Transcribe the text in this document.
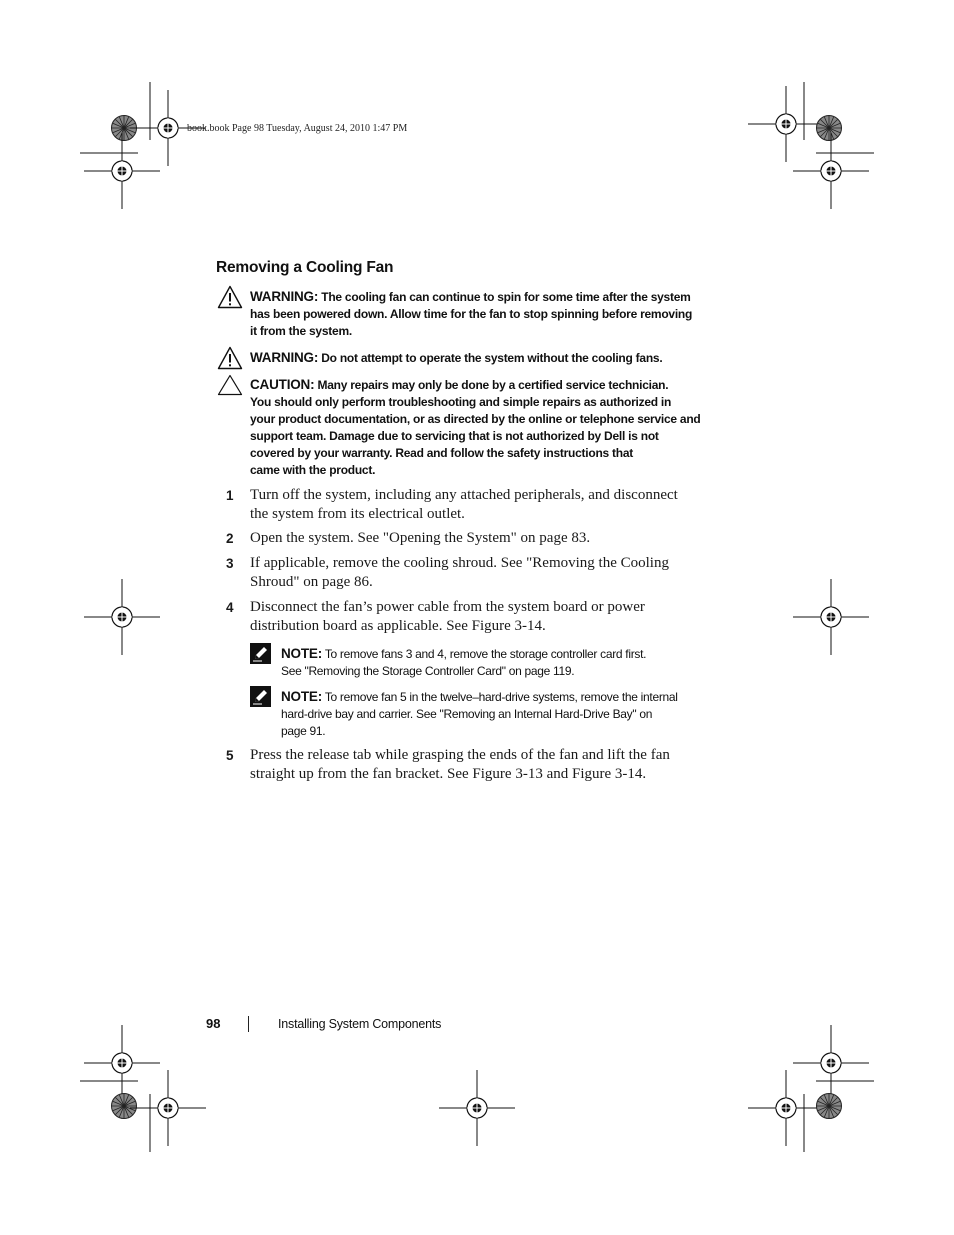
book.book Page 98 Tuesday, August 24, 2010 1:47 PM
Removing a Cooling Fan
WARNING: The cooling fan can continue to spin for some time after the system
has been powered down. Allow time for the fan to stop spinning before removing
it from the system.
WARNING: Do not attempt to operate the system without the cooling fans.
CAUTION: Many repairs may only be done by a certified service technician.
You should only perform troubleshooting and simple repairs as authorized in
your product documentation, or as directed by the online or telephone service and
support team. Damage due to servicing that is not authorized by Dell is not
covered by your warranty. Read and follow the safety instructions that
came with the product.
1	Turn off the system, including any attached peripherals, and disconnect
the system from its electrical outlet.
2	Open the system. See "Opening the System" on page 83.
3	If applicable, remove the cooling shroud. See "Removing the Cooling
Shroud" on page 86.
4	Disconnect the fan’s power cable from the system board or power
distribution board as applicable. See Figure 3-14.
NOTE: To remove fans 3 and 4, remove the storage controller card first.
See "Removing the Storage Controller Card" on page 119.
NOTE: To remove fan 5 in the twelve–hard-drive systems, remove the internal
hard-drive bay and carrier. See "Removing an Internal Hard-Drive Bay" on
page 91.
5	Press the release tab while grasping the ends of the fan and lift the fan
straight up from the fan bracket. See Figure 3-13 and Figure 3-14.
98	Installing System Components
